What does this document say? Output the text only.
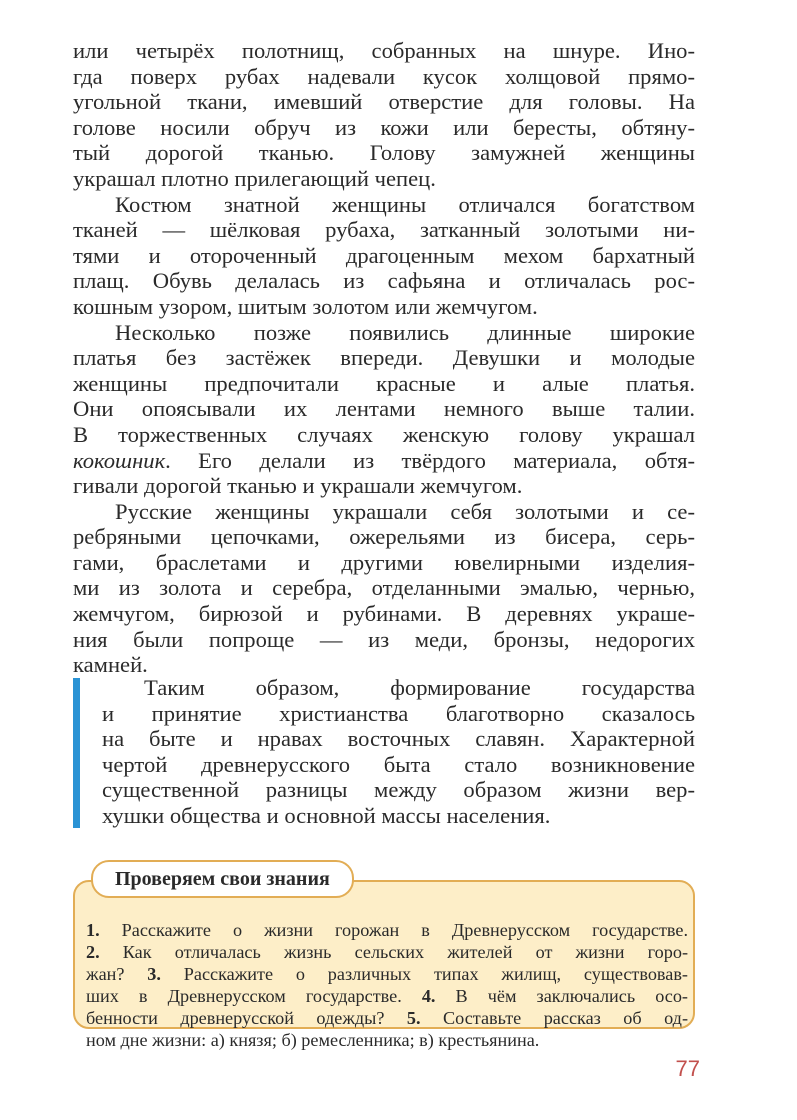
или четырёх полотнищ, собранных на шнуре. Ино-
гда поверх рубах надевали кусок холщовой прямо-
угольной ткани, имевший отверстие для головы. На
голове носили обруч из кожи или бересты, обтяну-
тый дорогой тканью. Голову замужней женщины
украшал плотно прилегающий чепец.
Костюм знатной женщины отличался богатством
тканей — шёлковая рубаха, затканный золотыми ни-
тями и отороченный драгоценным мехом бархатный
плащ. Обувь делалась из сафьяна и отличалась рос-
кошным узором, шитым золотом или жемчугом.
Несколько позже появились длинные широкие
платья без застёжек впереди. Девушки и молодые
женщины предпочитали красные и алые платья.
Они опоясывали их лентами немного выше талии.
В торжественных случаях женскую голову украшал
кокошник. Его делали из твёрдого материала, обтя-
гивали дорогой тканью и украшали жемчугом.
Русские женщины украшали себя золотыми и се-
ребряными цепочками, ожерельями из бисера, серь-
гами, браслетами и другими ювелирными изделия-
ми из золота и серебра, отделанными эмалью, чернью,
жемчугом, бирюзой и рубинами. В деревнях украше-
ния были попроще — из меди, бронзы, недорогих
камней.
Таким образом, формирование государства
и принятие христианства благотворно сказалось
на быте и нравах восточных славян. Характерной
чертой древнерусского быта стало возникновение
существенной разницы между образом жизни вер-
хушки общества и основной массы населения.
1. Расскажите о жизни горожан в Древнерусском государстве.
2. Как отличалась жизнь сельских жителей от жизни горо-
жан? 3. Расскажите о различных типах жилищ, существовав-
ших в Древнерусском государстве. 4. В чём заключались осо-
бенности древнерусской одежды? 5. Составьте рассказ об од-
ном дне жизни: а) князя; б) ремесленника; в) крестьянина.
Проверяем свои знания
77
